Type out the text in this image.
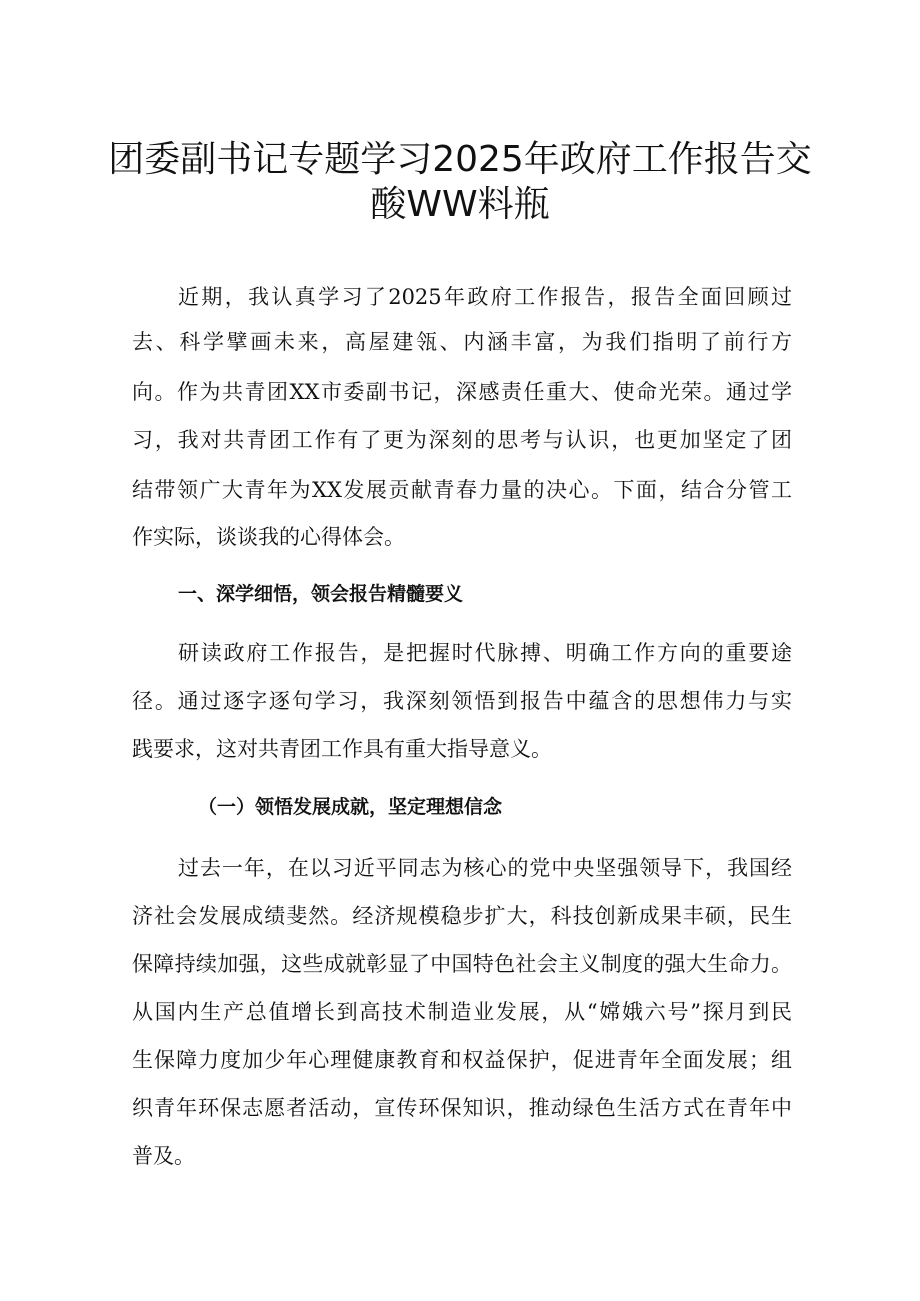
团委副书记专题学习2025年政府工作报告交
酸WW料瓶
近期，我认真学习了2025年政府工作报告，报告全面回顾过
去、科学擘画未来，高屋建瓴、内涵丰富，为我们指明了前行方
向。作为共青团XX市委副书记，深感责任重大、使命光荣。通过学
习，我对共青团工作有了更为深刻的思考与认识，也更加坚定了团
结带领广大青年为XX发展贡献青春力量的决心。下面，结合分管工
作实际，谈谈我的心得体会。
一、深学细悟，领会报告精髓要义
研读政府工作报告，是把握时代脉搏、明确工作方向的重要途
径。通过逐字逐句学习，我深刻领悟到报告中蕴含的思想伟力与实
践要求，这对共青团工作具有重大指导意义。
（一）领悟发展成就，坚定理想信念
过去一年，在以习近平同志为核心的党中央坚强领导下，我国经
济社会发展成绩斐然。经济规模稳步扩大，科技创新成果丰硕，民生
保障持续加强，这些成就彰显了中国特色社会主义制度的强大生命力。
从国内生产总值增长到高技术制造业发展，从“嫦娥六号”探月到民
生保障力度加少年心理健康教育和权益保护，促进青年全面发展；组
织青年环保志愿者活动，宣传环保知识，推动绿色生活方式在青年中
普及。
